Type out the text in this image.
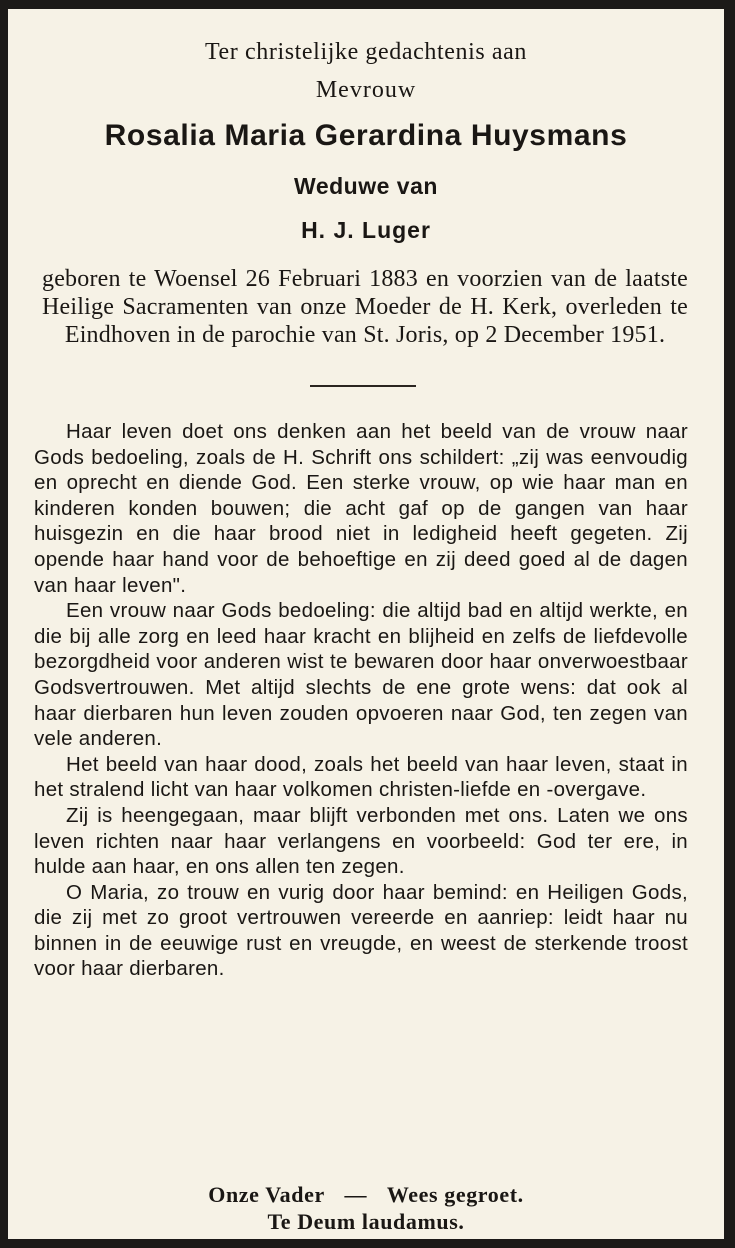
Ter christelijke gedachtenis aan
Mevrouw
Rosalia Maria Gerardina Huysmans
Weduwe van
H. J. Luger
geboren te Woensel 26 Februari 1883 en voorzien van de laatste Heilige Sacramenten van onze Moeder de H. Kerk, overleden te Eindhoven in de parochie van St. Joris, op 2 December 1951.

Haar leven doet ons denken aan het beeld van de vrouw naar Gods bedoeling, zoals de H. Schrift ons schildert: „zij was eenvoudig en oprecht en diende God. Een sterke vrouw, op wie haar man en kinderen konden bouwen; die acht gaf op de gangen van haar huisgezin en die haar brood niet in ledigheid heeft gegeten. Zij opende haar hand voor de behoeftige en zij deed goed al de dagen van haar leven".

Een vrouw naar Gods bedoeling: die altijd bad en altijd werkte, en die bij alle zorg en leed haar kracht en blijheid en zelfs de liefdevolle bezorgdheid voor anderen wist te bewaren door haar onverwoestbaar Godsvertrouwen. Met altijd slechts de ene grote wens: dat ook al haar dierbaren hun leven zouden opvoeren naar God, ten zegen van vele anderen.

Het beeld van haar dood, zoals het beeld van haar leven, staat in het stralend licht van haar volkomen christen-liefde en -overgave.

Zij is heengegaan, maar blijft verbonden met ons. Laten we ons leven richten naar haar verlangens en voorbeeld: God ter ere, in hulde aan haar, en ons allen ten zegen.

O Maria, zo trouw en vurig door haar bemind: en Heiligen Gods, die zij met zo groot vertrouwen vereerde en aanriep: leidt haar nu binnen in de eeuwige rust en vreugde, en weest de sterkende troost voor haar dierbaren.

Onze Vader — Wees gegroet.
Te Deum laudamus.
